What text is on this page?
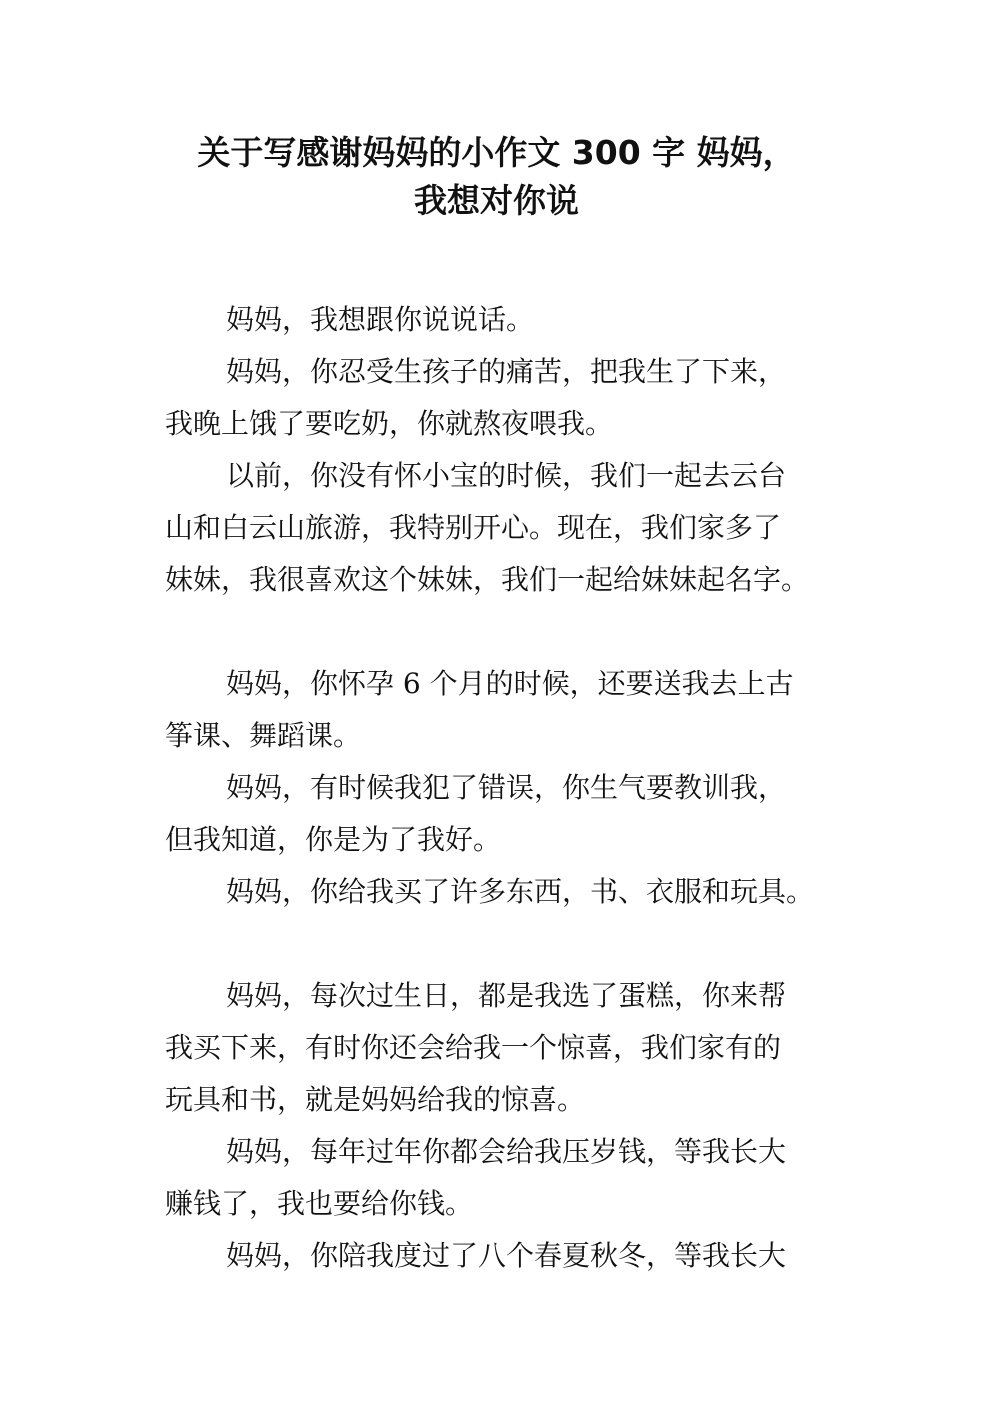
关于写感谢妈妈的小作文 300 字 妈妈，
我想对你说

妈妈，我想跟你说说话。

妈妈，你忍受生孩子的痛苦，把我生了下来，

我晚上饿了要吃奶，你就熬夜喂我。

以前，你没有怀小宝的时候，我们一起去云台

山和白云山旅游，我特别开心。现在，我们家多了

妹妹，我很喜欢这个妹妹，我们一起给妹妹起名字。

妈妈，你怀孕 6 个月的时候，还要送我去上古

筝课、舞蹈课。

妈妈，有时候我犯了错误，你生气要教训我，

但我知道，你是为了我好。

妈妈，你给我买了许多东西，书、衣服和玩具。

妈妈，每次过生日，都是我选了蛋糕，你来帮

我买下来，有时你还会给我一个惊喜，我们家有的

玩具和书，就是妈妈给我的惊喜。

妈妈，每年过年你都会给我压岁钱，等我长大

赚钱了，我也要给你钱。

妈妈，你陪我度过了八个春夏秋冬，等我长大
